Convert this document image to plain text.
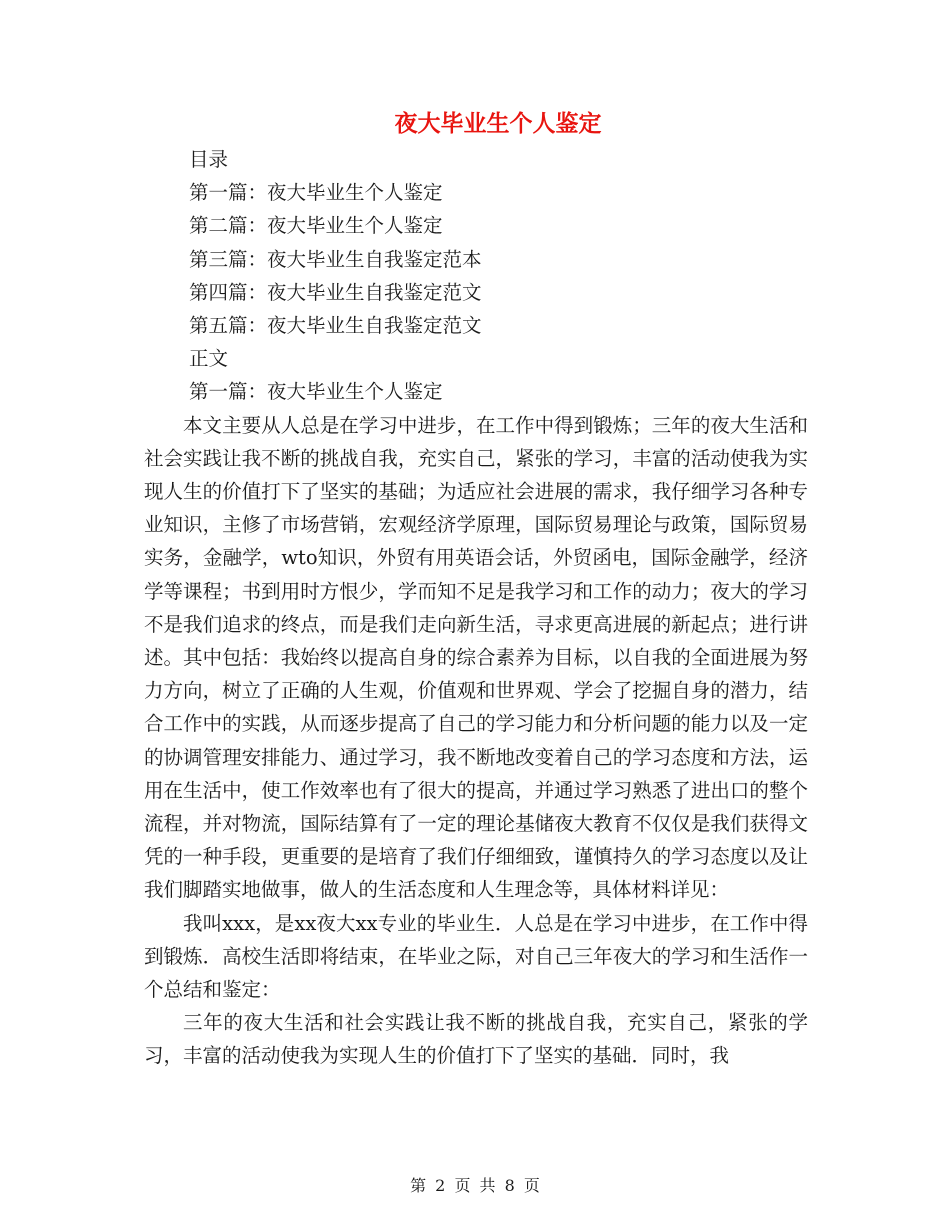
夜大毕业生个人鉴定

目录

第一篇：夜大毕业生个人鉴定

第二篇：夜大毕业生个人鉴定

第三篇：夜大毕业生自我鉴定范本

第四篇：夜大毕业生自我鉴定范文

第五篇：夜大毕业生自我鉴定范文

正文

第一篇：夜大毕业生个人鉴定

本文主要从人总是在学习中进步，在工作中得到锻炼；三年的夜大生活和社会实践让我不断的挑战自我，充实自己，紧张的学习，丰富的活动使我为实现人生的价值打下了坚实的基础；为适应社会进展的需求，我仔细学习各种专业知识，主修了市场营销，宏观经济学原理，国际贸易理论与政策，国际贸易实务，金融学，wto知识，外贸有用英语会话，外贸函电，国际金融学，经济学等课程；书到用时方恨少，学而知不足是我学习和工作的动力；夜大的学习不是我们追求的终点，而是我们走向新生活，寻求更高进展的新起点；进行讲述。其中包括：我始终以提高自身的综合素养为目标，以自我的全面进展为努力方向，树立了正确的人生观，价值观和世界观、学会了挖掘自身的潜力，结合工作中的实践，从而逐步提高了自己的学习能力和分析问题的能力以及一定的协调管理安排能力、通过学习，我不断地改变着自己的学习态度和方法，运用在生活中，使工作效率也有了很大的提高，并通过学习熟悉了进出口的整个流程，并对物流，国际结算有了一定的理论基储夜大教育不仅仅是我们获得文凭的一种手段，更重要的是培育了我们仔细细致，谨慎持久的学习态度以及让我们脚踏实地做事，做人的生活态度和人生理念等，具体材料详见：

我叫xxx，是xx夜大xx专业的毕业生．人总是在学习中进步，在工作中得到锻炼．高校生活即将结束，在毕业之际，对自己三年夜大的学习和生活作一个总结和鉴定：

三年的夜大生活和社会实践让我不断的挑战自我，充实自己，紧张的学习，丰富的活动使我为实现人生的价值打下了坚实的基础．同时，我

第 2 页 共 8 页
